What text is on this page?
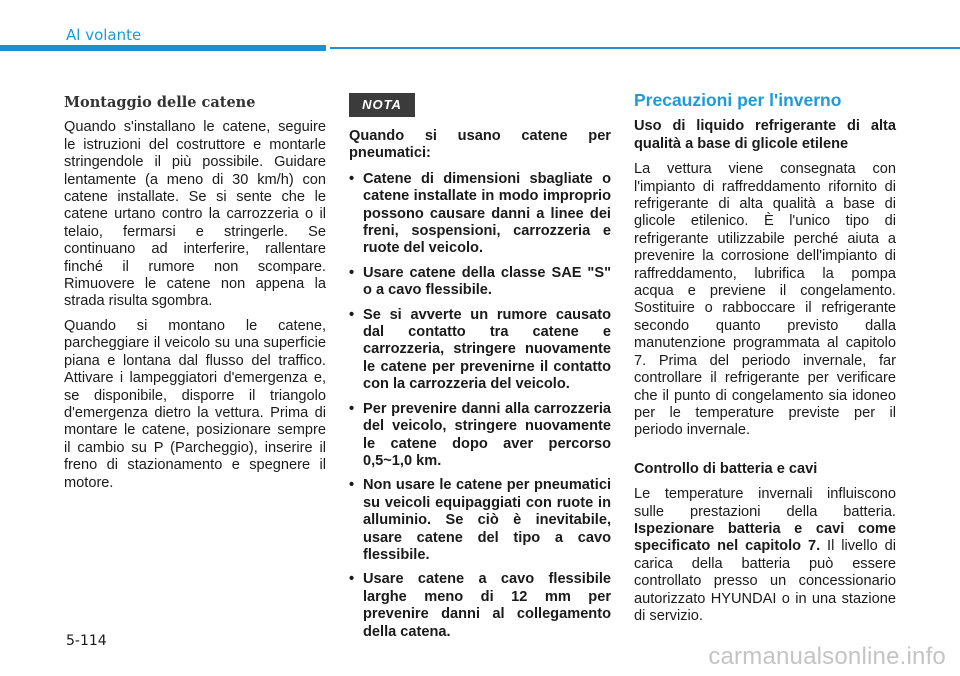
Al volante
Montaggio delle catene

Quando s'installano le catene, seguire le istruzioni del costruttore e montarle stringendole il più possibile. Guidare lentamente (a meno di 30 km/h) con catene installate. Se si sente che le catene urtano contro la carrozzeria o il telaio, fermarsi e stringerle. Se continuano ad interferire, rallentare finché il rumore non scompare. Rimuovere le catene non appena la strada risulta sgombra.

Quando si montano le catene, parcheggiare il veicolo su una superficie piana e lontana dal flusso del traffico. Attivare i lampeggiatori d'emergenza e, se disponibile, disporre il triangolo d'emergenza dietro la vettura. Prima di montare le catene, posizionare sempre il cambio su P (Parcheggio), inserire il freno di stazionamento e spegnere il motore.

NOTA
Quando si usano catene per pneumatici:
• Catene di dimensioni sbagliate o catene installate in modo improprio possono causare danni a linee dei freni, sospensioni, carrozzeria e ruote del veicolo.
• Usare catene della classe SAE "S" o a cavo flessibile.
• Se si avverte un rumore causato dal contatto tra catene e carrozzeria, stringere nuovamente le catene per prevenirne il contatto con la carrozzeria del veicolo.
• Per prevenire danni alla carrozzeria del veicolo, stringere nuovamente le catene dopo aver percorso 0,5~1,0 km.
• Non usare le catene per pneumatici su veicoli equipaggiati con ruote in alluminio. Se ciò è inevitabile, usare catene del tipo a cavo flessibile.
• Usare catene a cavo flessibile larghe meno di 12 mm per prevenire danni al collegamento della catena.
Precauzioni per l'inverno
Uso di liquido refrigerante di alta qualità a base di glicole etilene

La vettura viene consegnata con l'impianto di raffreddamento rifornito di refrigerante di alta qualità a base di glicole etilenico. È l'unico tipo di refrigerante utilizzabile perché aiuta a prevenire la corrosione dell'impianto di raffreddamento, lubrifica la pompa acqua e previene il congelamento. Sostituire o rabboccare il refrigerante secondo quanto previsto dalla manutenzione programmata al capitolo 7. Prima del periodo invernale, far controllare il refrigerante per verificare che il punto di congelamento sia idoneo per le temperature previste per il periodo invernale.

Controllo di batteria e cavi

Le temperature invernali influiscono sulle prestazioni della batteria. Ispezionare batteria e cavi come specificato nel capitolo 7. Il livello di carica della batteria può essere controllato presso un concessionario autorizzato HYUNDAI o in una stazione di servizio.

5-114
carmanualsonline.info
